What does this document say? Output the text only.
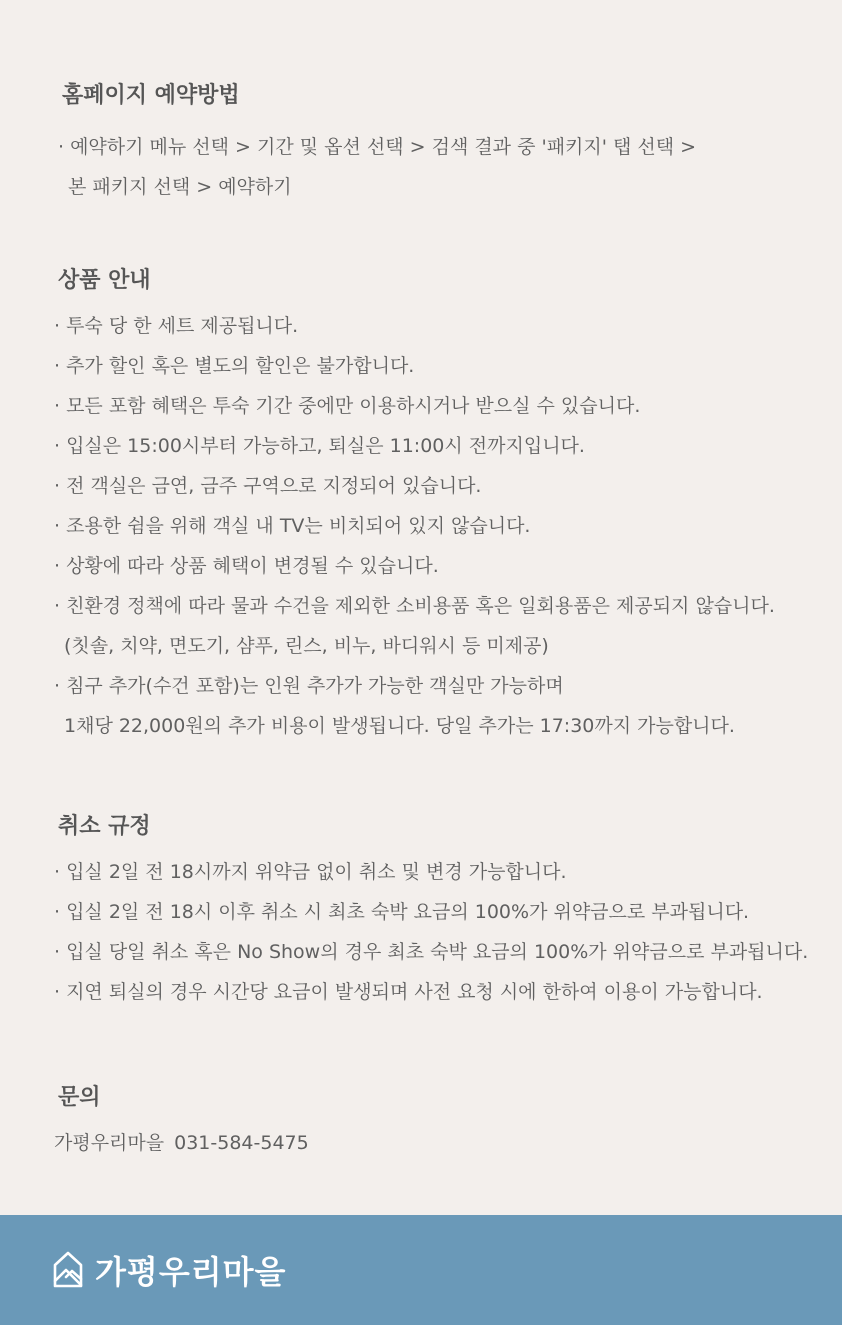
홈페이지 예약방법
· 예약하기 메뉴 선택 > 기간 및 옵션 선택 > 검색 결과 중 '패키지' 탭 선택 >
본 패키지 선택 > 예약하기
상품 안내
· 투숙 당 한 세트 제공됩니다.
· 추가 할인 혹은 별도의 할인은 불가합니다.
· 모든 포함 혜택은 투숙 기간 중에만 이용하시거나 받으실 수 있습니다.
· 입실은 15:00시부터 가능하고, 퇴실은 11:00시 전까지입니다.
· 전 객실은 금연, 금주 구역으로 지정되어 있습니다.
· 조용한 쉼을 위해 객실 내 TV는 비치되어 있지 않습니다.
· 상황에 따라 상품 혜택이 변경될 수 있습니다.
· 친환경 정책에 따라 물과 수건을 제외한 소비용품 혹은 일회용품은 제공되지 않습니다.
(칫솔, 치약, 면도기, 샴푸, 린스, 비누, 바디워시 등 미제공)
· 침구 추가(수건 포함)는 인원 추가가 가능한 객실만 가능하며
1채당 22,000원의 추가 비용이 발생됩니다. 당일 추가는 17:30까지 가능합니다.
취소 규정
· 입실 2일 전 18시까지 위약금 없이 취소 및 변경 가능합니다.
· 입실 2일 전 18시 이후 취소 시 최초 숙박 요금의 100%가 위약금으로 부과됩니다.
· 입실 당일 취소 혹은 No Show의 경우 최초 숙박 요금의 100%가 위약금으로 부과됩니다.
· 지연 퇴실의 경우 시간당 요금이 발생되며 사전 요청 시에 한하여 이용이 가능합니다.
문의
가평우리마을 031-584-5475
가평우리마을
